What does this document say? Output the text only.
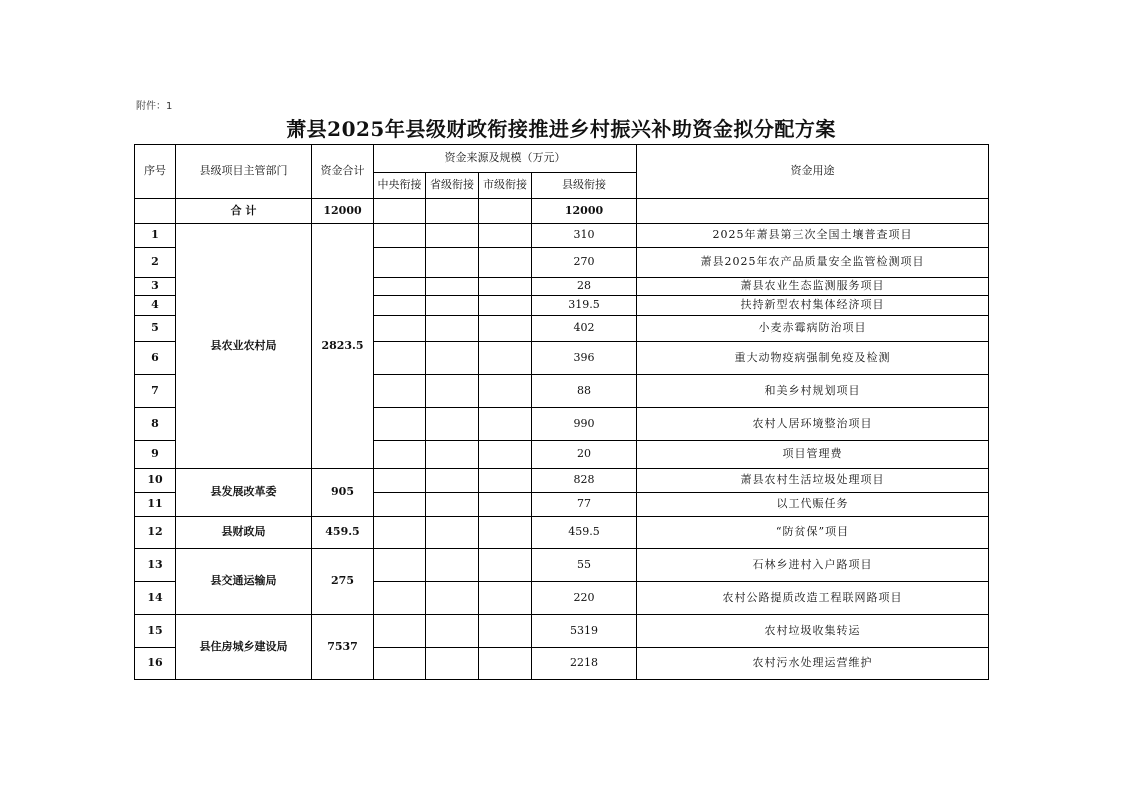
附件：1
萧县2025年县级财政衔接推进乡村振兴补助资金拟分配方案
序号	县级项目主管部门	资金合计	资金来源及规模（万元）				资金用途
			中央衔接	省级衔接	市级衔接	县级衔接	
	合 计	12000				12000	
1	县农业农村局	2823.5				310	2025年萧县第三次全国土壤普查项目
2						270	萧县2025年农产品质量安全监管检测项目
3						28	萧县农业生态监测服务项目
4						319.5	扶持新型农村集体经济项目
5						402	小麦赤霉病防治项目
6						396	重大动物疫病强制免疫及检测
7						88	和美乡村规划项目
8						990	农村人居环境整治项目
9						20	项目管理费
10	县发展改革委	905				828	萧县农村生活垃圾处理项目
11						77	以工代赈任务
12	县财政局	459.5				459.5	“防贫保”项目
13	县交通运输局	275				55	石林乡进村入户路项目
14						220	农村公路提质改造工程联网路项目
15	县住房城乡建设局	7537				5319	农村垃圾收集转运
16						2218	农村污水处理运营维护
